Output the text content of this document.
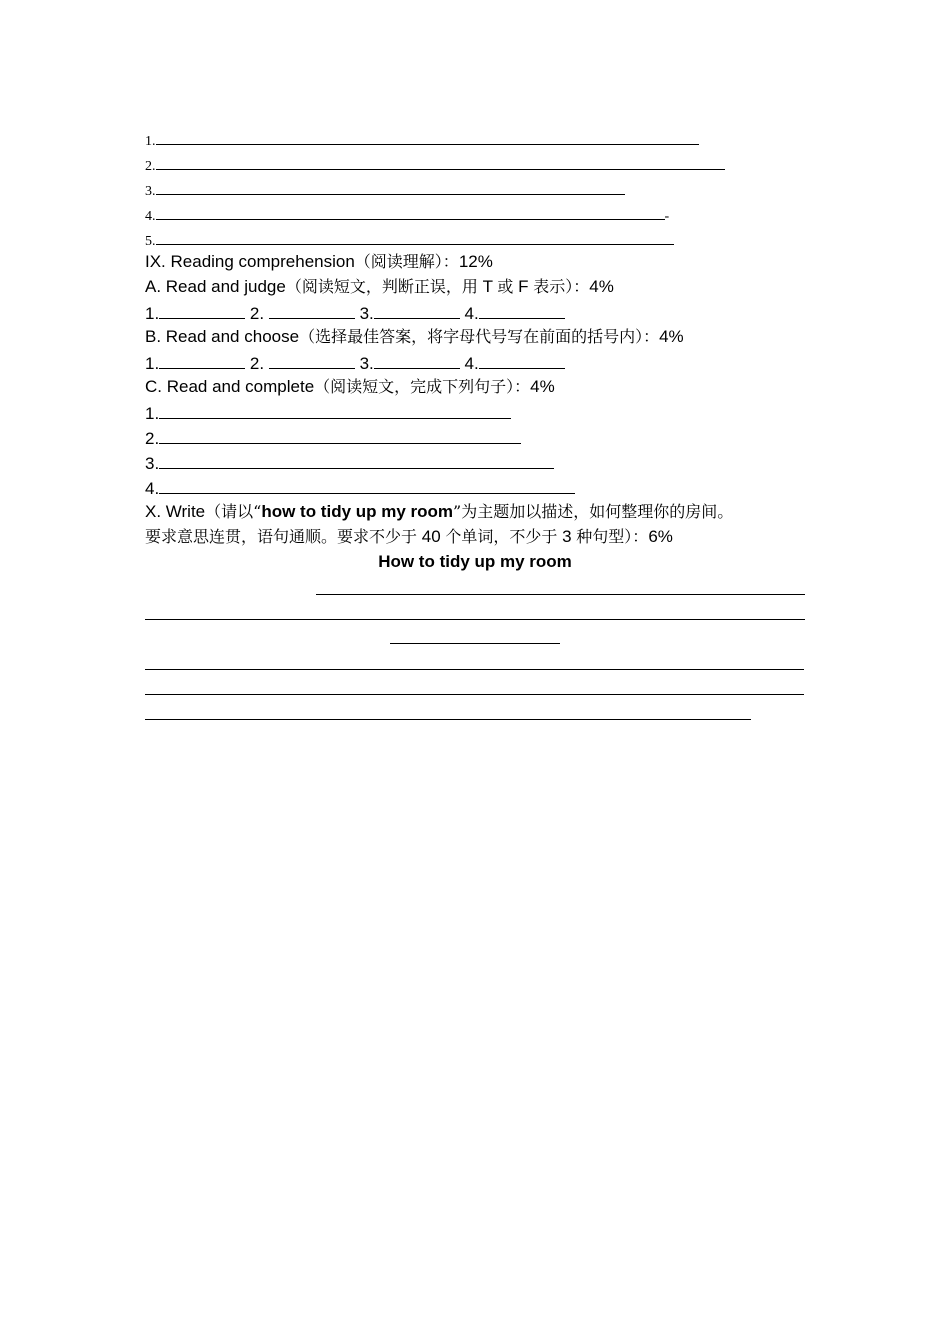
1.
2.
3.
4.	-
5.
IX. Reading comprehension（阅读理解）：12%
A. Read and judge（阅读短文，判断正误，用 T 或 F 表示）：4%
1.	2.	3.	4.
B. Read and choose（选择最佳答案，将字母代号写在前面的括号内）：4%
1.	2.	3.	4.
C. Read and complete（阅读短文，完成下列句子）：4%
1.
2.
3.
4.
X. Write（请以“how to tidy up my room”为主题加以描述，如何整理你的房间。
要求意思连贯，语句通顺。要求不少于 40 个单词，不少于 3 种句型）：6%
How to tidy up my room
